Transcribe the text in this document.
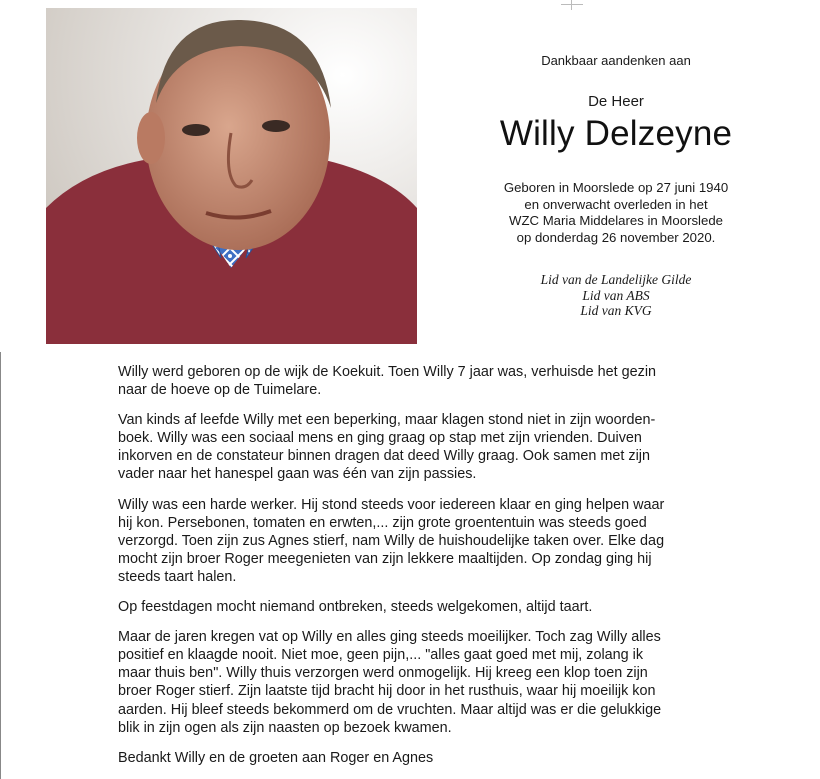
Dankbaar aandenken aan
De Heer
Willy Delzeyne
Geboren in Moorslede op 27 juni 1940
en onverwacht overleden in het
WZC Maria Middelares in Moorslede
op donderdag 26 november 2020.
Lid van de Landelijke Gilde
Lid van ABS
Lid van KVG

Willy werd geboren op de wijk de Koekuit. Toen Willy 7 jaar was, verhuisde het gezin
naar de hoeve op de Tuimelare.

Van kinds af leefde Willy met een beperking, maar klagen stond niet in zijn woorden-
boek. Willy was een sociaal mens en ging graag op stap met zijn vrienden. Duiven
inkorven en de constateur binnen dragen dat deed Willy graag. Ook samen met zijn
vader naar het hanespel gaan was één van zijn passies.

Willy was een harde werker. Hij stond steeds voor iedereen klaar en ging helpen waar
hij kon. Persebonen, tomaten en erwten,... zijn grote groententuin was steeds goed
verzorgd. Toen zijn zus Agnes stierf, nam Willy de huishoudelijke taken over. Elke dag
mocht zijn broer Roger meegenieten van zijn lekkere maaltijden. Op zondag ging hij
steeds taart halen.

Op feestdagen mocht niemand ontbreken, steeds welgekomen, altijd taart.

Maar de jaren kregen vat op Willy en alles ging steeds moeilijker. Toch zag Willy alles
positief en klaagde nooit. Niet moe, geen pijn,... "alles gaat goed met mij, zolang ik
maar thuis ben". Willy thuis verzorgen werd onmogelijk. Hij kreeg een klop toen zijn
broer Roger stierf. Zijn laatste tijd bracht hij door in het rusthuis, waar hij moeilijk kon
aarden. Hij bleef steeds bekommerd om de vruchten. Maar altijd was er die gelukkige
blik in zijn ogen als zijn naasten op bezoek kwamen.

Bedankt Willy en de groeten aan Roger en Agnes
